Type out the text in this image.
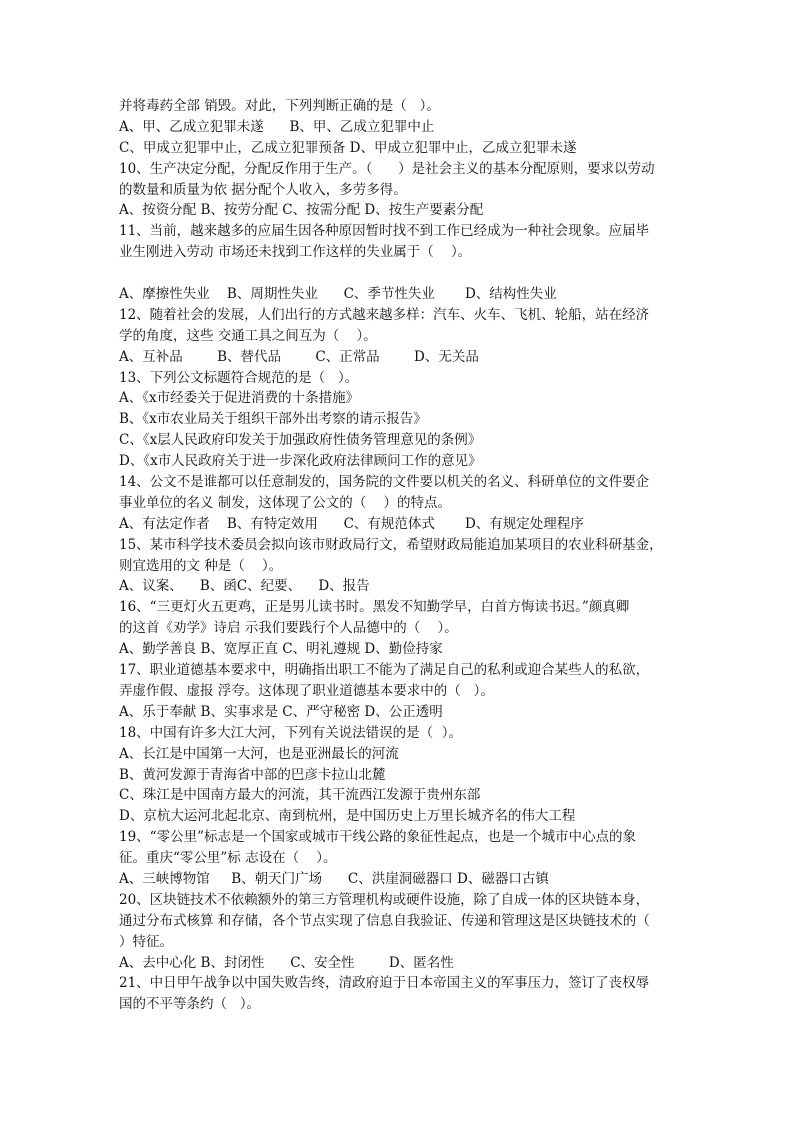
并将毒药全部 销毁。对此，下列判断正确的是（   ）。
A、甲、乙成立犯罪未遂      B、甲、乙成立犯罪中止
C、甲成立犯罪中止，乙成立犯罪预备 D、甲成立犯罪中止，乙成立犯罪未遂
10、生产决定分配，分配反作用于生产。（      ）是社会主义的基本分配原则，要求以劳动
的数量和质量为依 据分配个人收入，多劳多得。
A、按资分配 B、按劳分配 C、按需分配 D、按生产要素分配
11、当前，越来越多的应届生因各种原因暂时找不到工作已经成为一种社会现象。应届毕
业生刚进入劳动 市场还未找到工作这样的失业属于（    ）。
A、摩擦性失业    B、周期性失业      C、季节性失业       D、结构性失业
12、随着社会的发展，人们出行的方式越来越多样：汽车、火车、飞机、轮船，站在经济
学的角度，这些 交通工具之间互为（    ）。
A、互补品        B、替代品        C、正常品        D、无关品
13、下列公文标题符合规范的是（   ）。
A、《x市经委关于促进消费的十条措施》
B、《x市农业局关于组织干部外出考察的请示报告》
C、《x层人民政府印发关于加强政府性债务管理意见的条例》
D、《x市人民政府关于进一步深化政府法律顾问工作的意见》
14、公文不是谁都可以任意制发的，国务院的文件要以机关的名义、科研单位的文件要企
事业单位的名义 制发，这体现了公文的（    ）的特点。
A、有法定作者    B、有特定效用      C、有规范体式       D、有规定处理程序
15、某市科学技术委员会拟向该市财政局行文，希望财政局能追加某项目的农业科研基金，
则宜选用的文 种是（    ）。
A、议案、    B、函C、纪要、    D、报告
16、“三更灯火五更鸡，正是男儿读书时。黑发不知勤学早，白首方悔读书迟。”颜真卿
的这首《劝学》诗启 示我们要践行个人品德中的（    ）。
A、勤学善良 B、宽厚正直 C、明礼遵规 D、勤俭持家
17、职业道德基本要求中，明确指出职工不能为了满足自己的私利或迎合某些人的私欲，
弄虚作假、虚报 浮夸。这体现了职业道德基本要求中的（   ）。
A、乐于奉献 B、实事求是 C、严守秘密 D、公正透明
18、中国有许多大江大河，下列有关说法错误的是（  ）。
A、长江是中国第一大河，也是亚洲最长的河流
B、黄河发源于青海省中部的巴彦卡拉山北麓
C、珠江是中国南方最大的河流，其干流西江发源于贵州东部
D、京杭大运河北起北京、南到杭州，是中国历史上万里长城齐名的伟大工程
19、“零公里”标志是一个国家或城市干线公路的象征性起点，也是一个城市中心点的象
征。重庆“零公里”标 志设在（    ）。
A、三峡博物馆     B、朝天门广场      C、洪崖洞磁器口 D、磁器口古镇
20、区块链技术不依赖额外的第三方管理机构或硬件设施，除了自成一体的区块链本身，
通过分布式核算 和存储，各个节点实现了信息自我验证、传递和管理这是区块链技术的（
）特征。
A、去中心化 B、封闭性      C、安全性        D、匿名性
21、中日甲午战争以中国失败告终，清政府迫于日本帝国主义的军事压力，签订了丧权辱
国的不平等条约（   ）。
